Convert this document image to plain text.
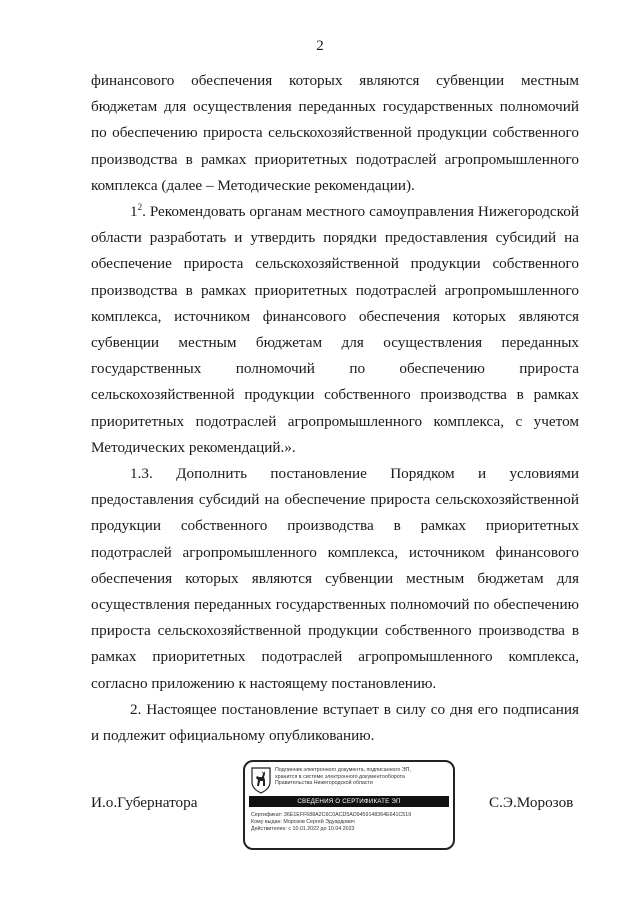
2

финансового обеспечения которых являются субвенции местным бюджетам для осуществления переданных государственных полномочий по обеспечению прироста сельскохозяйственной продукции собственного производства в рамках приоритетных подотраслей агропромышленного комплекса (далее – Методические рекомендации).

$1^2$. Рекомендовать органам местного самоуправления Нижегородской области разработать и утвердить порядки предоставления субсидий на обеспечение прироста сельскохозяйственной продукции собственного производства в рамках приоритетных подотраслей агропромышленного комплекса, источником финансового обеспечения которых являются субвенции местным бюджетам для осуществления переданных государственных полномочий по обеспечению прироста сельскохозяйственной продукции собственного производства в рамках приоритетных подотраслей агропромышленного комплекса, с учетом Методических рекомендаций.».

1.3. Дополнить постановление Порядком и условиями предоставления субсидий на обеспечение прироста сельскохозяйственной продукции собственного производства в рамках приоритетных подотраслей агропромышленного комплекса, источником финансового обеспечения которых являются субвенции местным бюджетам для осуществления переданных государственных полномочий по обеспечению прироста сельскохозяйственной продукции собственного производства в рамках приоритетных подотраслей агропромышленного комплекса, согласно приложению к настоящему постановлению.

2. Настоящее постановление вступает в силу со дня его подписания и подлежит официальному опубликованию.

И.о.Губернатора	С.Э.Морозов
Подлинник электронного документа, подписанного ЭП,
хранится в системе электронного документооборота
Правительства Нижегородской области
СВЕДЕНИЯ О СЕРТИФИКАТЕ ЭП
Сертификат: 36E1EFF688A2C6C0ACD5AD9459148364E641C519
Кому выдан: Морозов Сергей Эдуардович
Действителен: с 10.01.2022 до 10.04.2023
